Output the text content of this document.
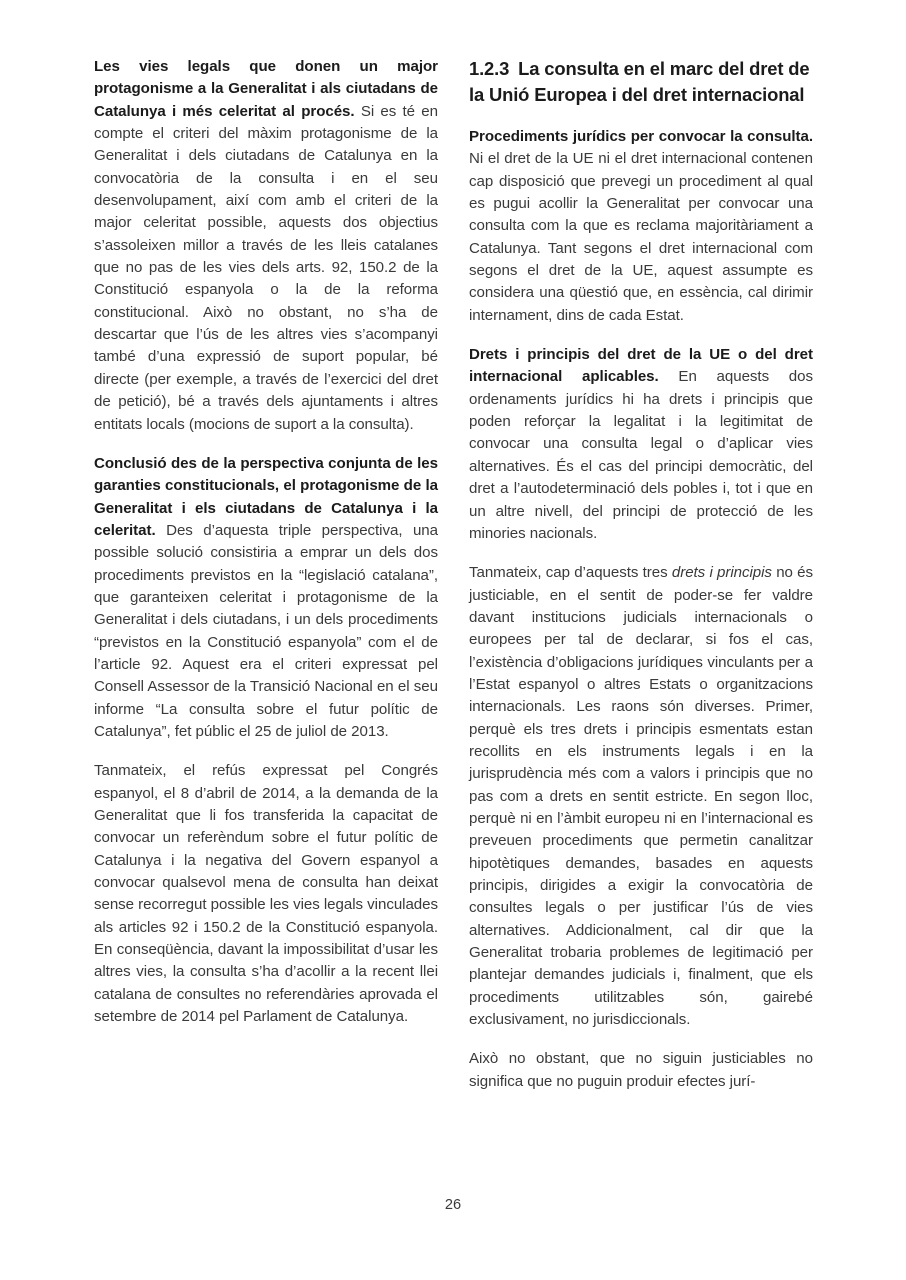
Les vies legals que donen un major protagonisme a la Generalitat i als ciutadans de Catalunya i més celeritat al procés. Si es té en compte el criteri del màxim protagonisme de la Generalitat i dels ciutadans de Catalunya en la convocatòria de la consulta i en el seu desenvolupament, així com amb el criteri de la major celeritat possible, aquests dos objectius s’assoleixen millor a través de les lleis catalanes que no pas de les vies dels arts. 92, 150.2 de la Constitució espanyola o la de la reforma constitucional. Això no obstant, no s’ha de descartar que l’ús de les altres vies s’acompanyi també d’una expressió de suport popular, bé directe (per exemple, a través de l’exercici del dret de petició), bé a través dels ajuntaments i altres entitats locals (mocions de suport a la consulta).

Conclusió des de la perspectiva conjunta de les garanties constitucionals, el protagonisme de la Generalitat i els ciutadans de Catalunya i la celeritat. Des d’aquesta triple perspectiva, una possible solució consistiria a emprar un dels dos procediments previstos en la “legislació catalana”, que garanteixen celeritat i protagonisme de la Generalitat i dels ciutadans, i un dels procediments “previstos en la Constitució espanyola” com el de l’article 92. Aquest era el criteri expressat pel Consell Assessor de la Transició Nacional en el seu informe “La consulta sobre el futur polític de Catalunya”, fet públic el 25 de juliol de 2013.

Tanmateix, el refús expressat pel Congrés espanyol, el 8 d’abril de 2014, a la demanda de la Generalitat que li fos transferida la capacitat de convocar un referèndum sobre el futur polític de Catalunya i la negativa del Govern espanyol a convocar qualsevol mena de consulta han deixat sense recorregut possible les vies legals vinculades als articles 92 i 150.2 de la Constitució espanyola. En conseqüència, davant la impossibilitat d’usar les altres vies, la consulta s’ha d’acollir a la recent llei catalana de consultes no referendàries aprovada el setembre de 2014 pel Parlament de Catalunya.

1.2.3 La consulta en el marc del dret de la Unió Europea i del dret internacional

Procediments jurídics per convocar la consulta. Ni el dret de la UE ni el dret internacional contenen cap disposició que prevegi un procediment al qual es pugui acollir la Generalitat per convocar una consulta com la que es reclama majoritàriament a Catalunya. Tant segons el dret internacional com segons el dret de la UE, aquest assumpte es considera una qüestió que, en essència, cal dirimir internament, dins de cada Estat.

Drets i principis del dret de la UE o del dret internacional aplicables. En aquests dos ordenaments jurídics hi ha drets i principis que poden reforçar la legalitat i la legitimitat de convocar una consulta legal o d’aplicar vies alternatives. És el cas del principi democràtic, del dret a l’autodeterminació dels pobles i, tot i que en un altre nivell, del principi de protecció de les minories nacionals.

Tanmateix, cap d’aquests tres drets i principis no és justiciable, en el sentit de poder-se fer valdre davant institucions judicials internacionals o europees per tal de declarar, si fos el cas, l’existència d’obligacions jurídiques vinculants per a l’Estat espanyol o altres Estats o organitzacions internacionals. Les raons són diverses. Primer, perquè els tres drets i principis esmentats estan recollits en els instruments legals i en la jurisprudència més com a valors i principis que no pas com a drets en sentit estricte. En segon lloc, perquè ni en l’àmbit europeu ni en l’internacional es preveuen procediments que permetin canalitzar hipotètiques demandes, basades en aquests principis, dirigides a exigir la convocatòria de consultes legals o per justificar l’ús de vies alternatives. Addicionalment, cal dir que la Generalitat trobaria problemes de legitimació per plantejar demandes judicials i, finalment, que els procediments utilitzables són, gairebé exclusivament, no jurisdiccionals.

Això no obstant, que no siguin justiciables no significa que no puguin produir efectes jurí-

26
